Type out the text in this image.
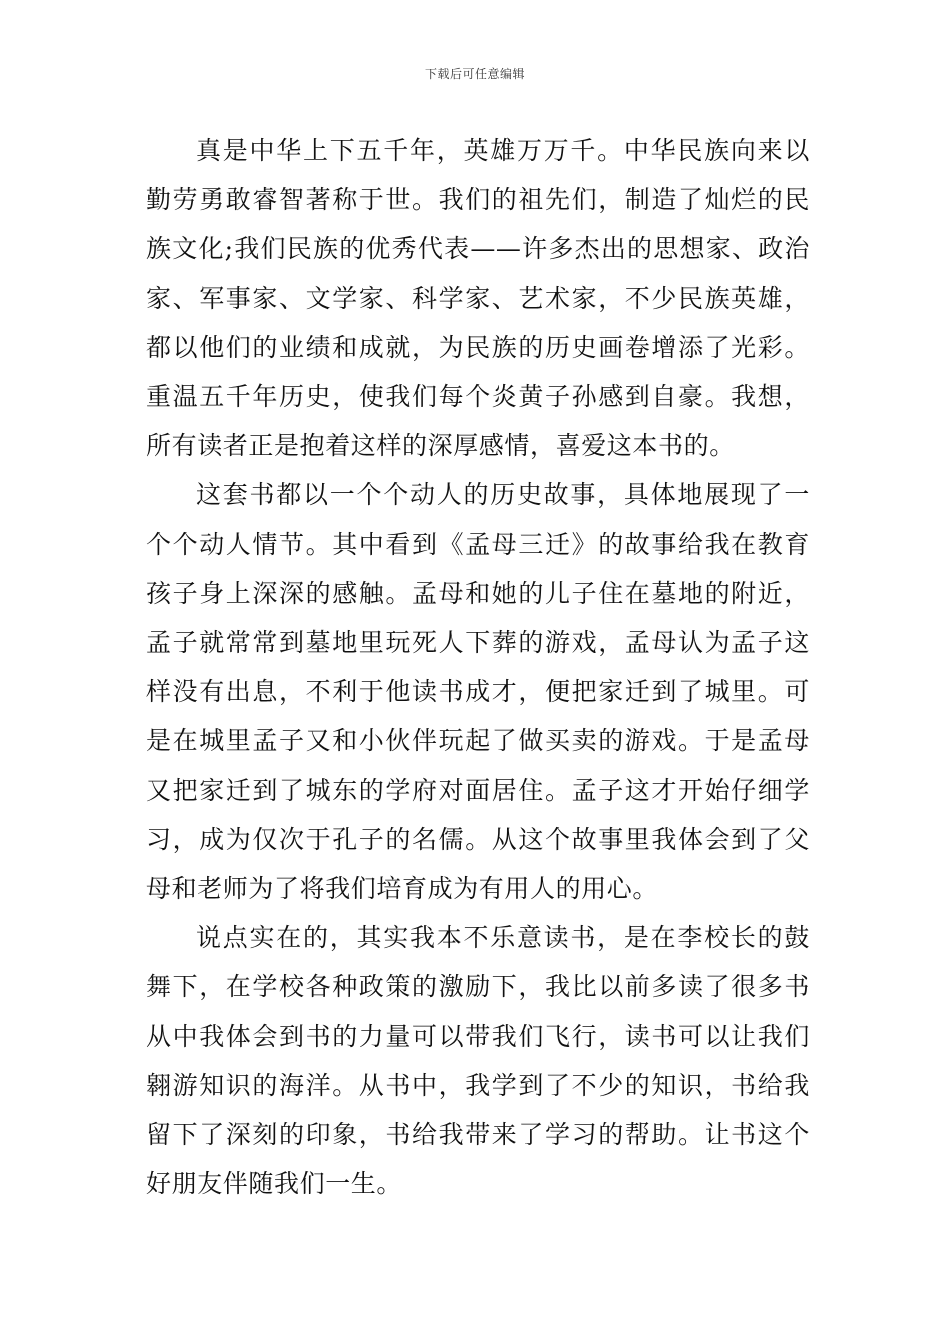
下载后可任意编辑

真是中华上下五千年，英雄万万千。中华民族向来以勤劳勇敢睿智著称于世。我们的祖先们，制造了灿烂的民族文化;我们民族的优秀代表——许多杰出的思想家、政治家、军事家、文学家、科学家、艺术家，不少民族英雄，都以他们的业绩和成就，为民族的历史画卷增添了光彩。重温五千年历史，使我们每个炎黄子孙感到自豪。我想，所有读者正是抱着这样的深厚感情，喜爱这本书的。

这套书都以一个个动人的历史故事，具体地展现了一个个动人情节。其中看到《孟母三迁》的故事给我在教育孩子身上深深的感触。孟母和她的儿子住在墓地的附近，孟子就常常到墓地里玩死人下葬的游戏，孟母认为孟子这样没有出息，不利于他读书成才，便把家迁到了城里。可是在城里孟子又和小伙伴玩起了做买卖的游戏。于是孟母又把家迁到了城东的学府对面居住。孟子这才开始仔细学习，成为仅次于孔子的名儒。从这个故事里我体会到了父母和老师为了将我们培育成为有用人的用心。

说点实在的，其实我本不乐意读书，是在李校长的鼓舞下，在学校各种政策的激励下，我比以前多读了很多书从中我体会到书的力量可以带我们飞行，读书可以让我们翱游知识的海洋。从书中，我学到了不少的知识，书给我留下了深刻的印象，书给我带来了学习的帮助。让书这个好朋友伴随我们一生。
